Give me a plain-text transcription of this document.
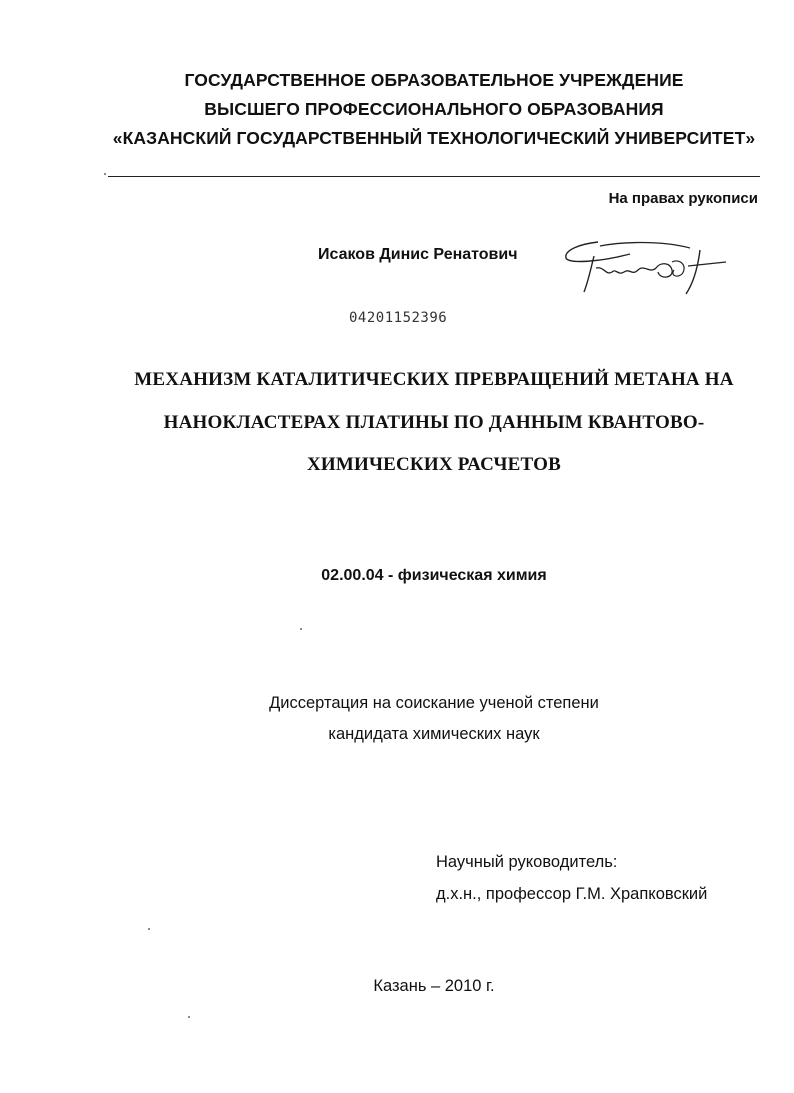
ГОСУДАРСТВЕННОЕ ОБРАЗОВАТЕЛЬНОЕ УЧРЕЖДЕНИЕ
ВЫСШЕГО ПРОФЕССИОНАЛЬНОГО ОБРАЗОВАНИЯ
«КАЗАНСКИЙ ГОСУДАРСТВЕННЫЙ ТЕХНОЛОГИЧЕСКИЙ УНИВЕРСИТЕТ»
На правах рукописи
Исаков Динис Ренатович
04201152396
МЕХАНИЗМ КАТАЛИТИЧЕСКИХ ПРЕВРАЩЕНИЙ МЕТАНА НА
НАНОКЛАСТЕРАХ ПЛАТИНЫ ПО ДАННЫМ КВАНТОВО-
ХИМИЧЕСКИХ РАСЧЕТОВ
02.00.04 - физическая химия
Диссертация на соискание ученой степени
кандидата химических наук
Научный руководитель:
д.х.н., профессор Г.М. Храпковский
Казань – 2010 г.
